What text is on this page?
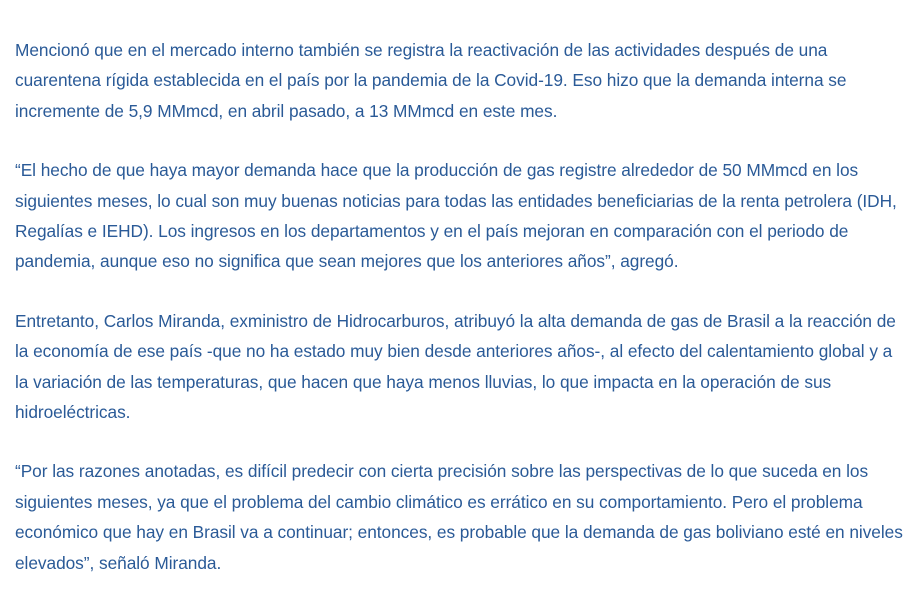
Mencionó que en el mercado interno también se registra la reactivación de las actividades después de una cuarentena rígida establecida en el país por la pandemia de la Covid-19. Eso hizo que la demanda interna se incremente de 5,9 MMmcd, en abril pasado, a 13 MMmcd en este mes.

“El hecho de que haya mayor demanda hace que la producción de gas registre alrededor de 50 MMmcd en los siguientes meses, lo cual son muy buenas noticias para todas las entidades beneficiarias de la renta petrolera (IDH, Regalías e IEHD). Los ingresos en los departamentos y en el país mejoran en comparación con el periodo de pandemia, aunque eso no significa que sean mejores que los anteriores años”, agregó.

Entretanto, Carlos Miranda, exministro de Hidrocarburos, atribuyó la alta demanda de gas de Brasil a la reacción de la economía de ese país -que no ha estado muy bien desde anteriores años-, al efecto del calentamiento global y a la variación de las temperaturas, que hacen que haya menos lluvias, lo que impacta en la operación de sus hidroeléctricas.

“Por las razones anotadas, es difícil predecir con cierta precisión sobre las perspectivas de lo que suceda en los siguientes meses, ya que el problema del cambio climático es errático en su comportamiento. Pero el problema económico que hay en Brasil va a continuar; entonces, es probable que la demanda de gas boliviano esté en niveles elevados”, señaló Miranda.
